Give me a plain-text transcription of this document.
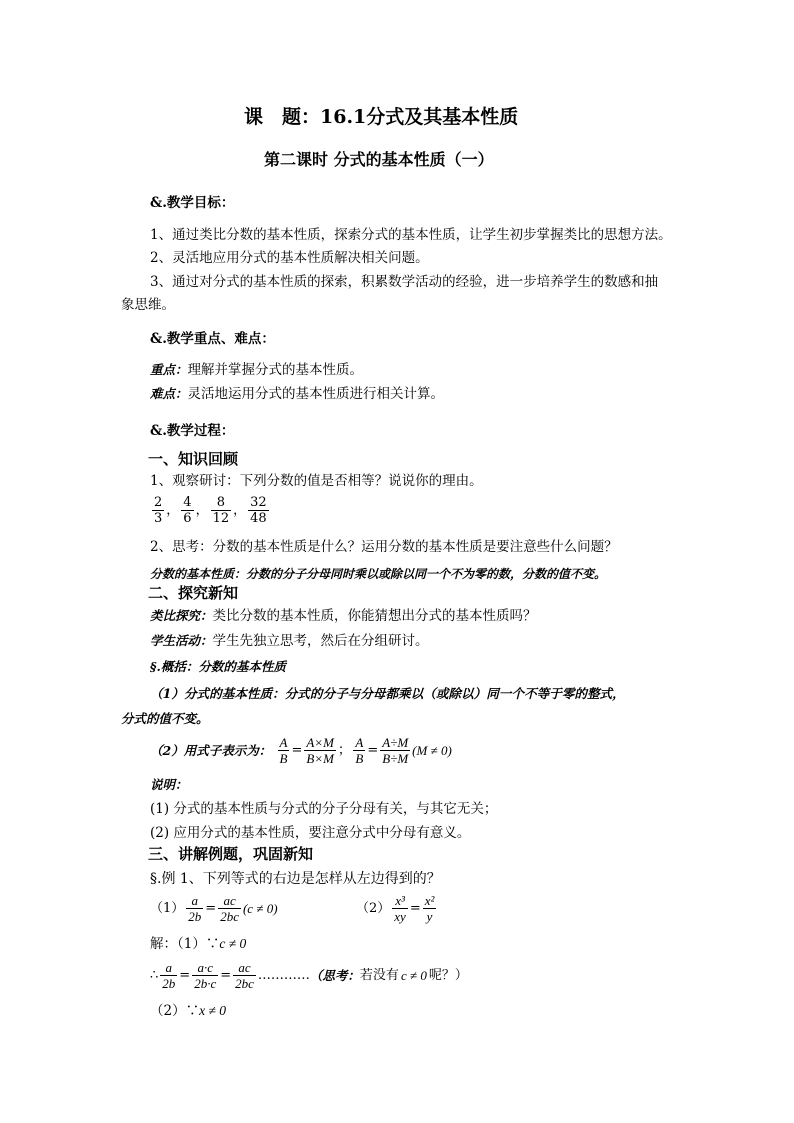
课　题：16.1分式及其基本性质
第二课时 分式的基本性质（一）
&.教学目标：
1、通过类比分数的基本性质，探索分式的基本性质，让学生初步掌握类比的思想方法。
2、灵活地应用分式的基本性质解决相关问题。
3、通过对分式的基本性质的探索，积累数学活动的经验，进一步培养学生的数感和抽
象思维。
&.教学重点、难点：
重点：理解并掌握分式的基本性质。
难点：灵活地运用分式的基本性质进行相关计算。
&.教学过程：
一、知识回顾
1、观察研讨：下列分数的值是否相等？说说你的理由。
$\frac{2}{3}$ ， $\frac{4}{6}$ ， $\frac{8}{12}$ ， $\frac{32}{48}$
2、思考：分数的基本性质是什么？运用分数的基本性质是要注意些什么问题？
分数的基本性质：分数的分子分母同时乘以或除以同一个不为零的数，分数的值不变。
二、探究新知
类比探究：类比分数的基本性质，你能猜想出分式的基本性质吗？
学生活动：学生先独立思考，然后在分组研讨。
§.概括：分数的基本性质
（1）分式的基本性质：分式的分子与分母都乘以（或除以）同一个不等于零的整式，
分式的值不变。
（2）用式子表示为： $\frac{A}{B} = \frac{A\times M}{B\times M}$ ； $\frac{A}{B} = \frac{A\div M}{B\div M} (M \ne 0)$
说明：
(1) 分式的基本性质与分式的分子分母有关，与其它无关；
(2) 应用分式的基本性质，要注意分式中分母有意义。
三、讲解例题，巩固新知
§.例 1、下列等式的右边是怎样从左边得到的？
$(1) \frac{a}{2b} = \frac{ac}{2bc} (c \ne 0)$	$(2) \frac{\text{x³}}{xy} = \frac{\text{x²}}{y}$
解：（1）∵c ≠ 0
∴ $\frac{a}{2b} = \frac{a\cdot c}{2b\cdot c} = \frac{ac}{2bc}$ …………（思考：若没有 c ≠ 0 呢？）
（2）∵x ≠ 0
